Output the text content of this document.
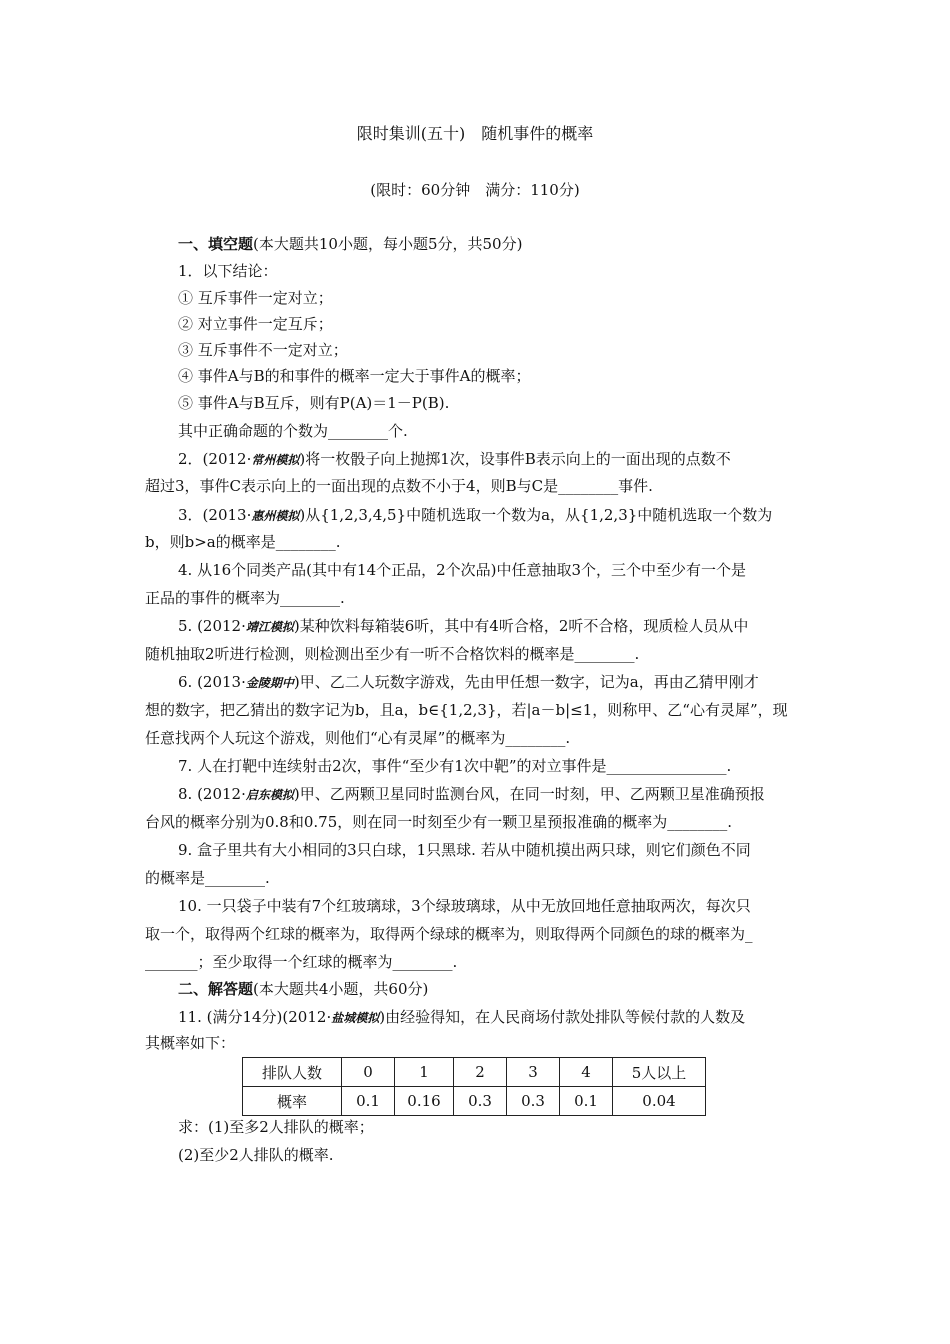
限时集训(五十)　随机事件的概率
(限时：60分钟　满分：110分)
一、填空题(本大题共10小题，每小题5分，共50分)
1．以下结论：
① 互斥事件一定对立；
② 对立事件一定互斥；
③ 互斥事件不一定对立；
④ 事件A与B的和事件的概率一定大于事件A的概率；
⑤ 事件A与B互斥，则有P(A)＝1－P(B).
其中正确命题的个数为________个.
2．(2012·常州模拟)将一枚骰子向上抛掷1次，设事件B表示向上的一面出现的点数不
超过3，事件C表示向上的一面出现的点数不小于4，则B与C是________事件.
3．(2013·惠州模拟)从{1,2,3,4,5}中随机选取一个数为a，从{1,2,3}中随机选取一个数为
b，则b>a的概率是________.
4. 从16个同类产品(其中有14个正品，2个次品)中任意抽取3个，三个中至少有一个是
正品的事件的概率为________.
5. (2012·靖江模拟)某种饮料每箱装6听，其中有4听合格，2听不合格，现质检人员从中
随机抽取2听进行检测，则检测出至少有一听不合格饮料的概率是________.
6. (2013·金陵期中)甲、乙二人玩数字游戏，先由甲任想一数字，记为a，再由乙猜甲刚才
想的数字，把乙猜出的数字记为b，且a，b∈{1,2,3}，若|a－b|≤1，则称甲、乙“心有灵犀”，现
任意找两个人玩这个游戏，则他们“心有灵犀”的概率为________.
7. 人在打靶中连续射击2次，事件“至少有1次中靶”的对立事件是________________.
8. (2012·启东模拟)甲、乙两颗卫星同时监测台风，在同一时刻，甲、乙两颗卫星准确预报
台风的概率分别为0.8和0.75，则在同一时刻至少有一颗卫星预报准确的概率为________.
9. 盒子里共有大小相同的3只白球，1只黑球. 若从中随机摸出两只球，则它们颜色不同
的概率是________.
10. 一只袋子中装有7个红玻璃球，3个绿玻璃球，从中无放回地任意抽取两次，每次只
取一个，取得两个红球的概率为，取得两个绿球的概率为，则取得两个同颜色的球的概率为_
_______；至少取得一个红球的概率为________.
二、解答题(本大题共4小题，共60分)
11. (满分14分)(2012·盐城模拟)由经验得知，在人民商场付款处排队等候付款的人数及
其概率如下：
排队人数	0	1	2	3	4	5人以上
概率	0.1	0.16	0.3	0.3	0.1	0.04
求：(1)至多2人排队的概率；
(2)至少2人排队的概率.
